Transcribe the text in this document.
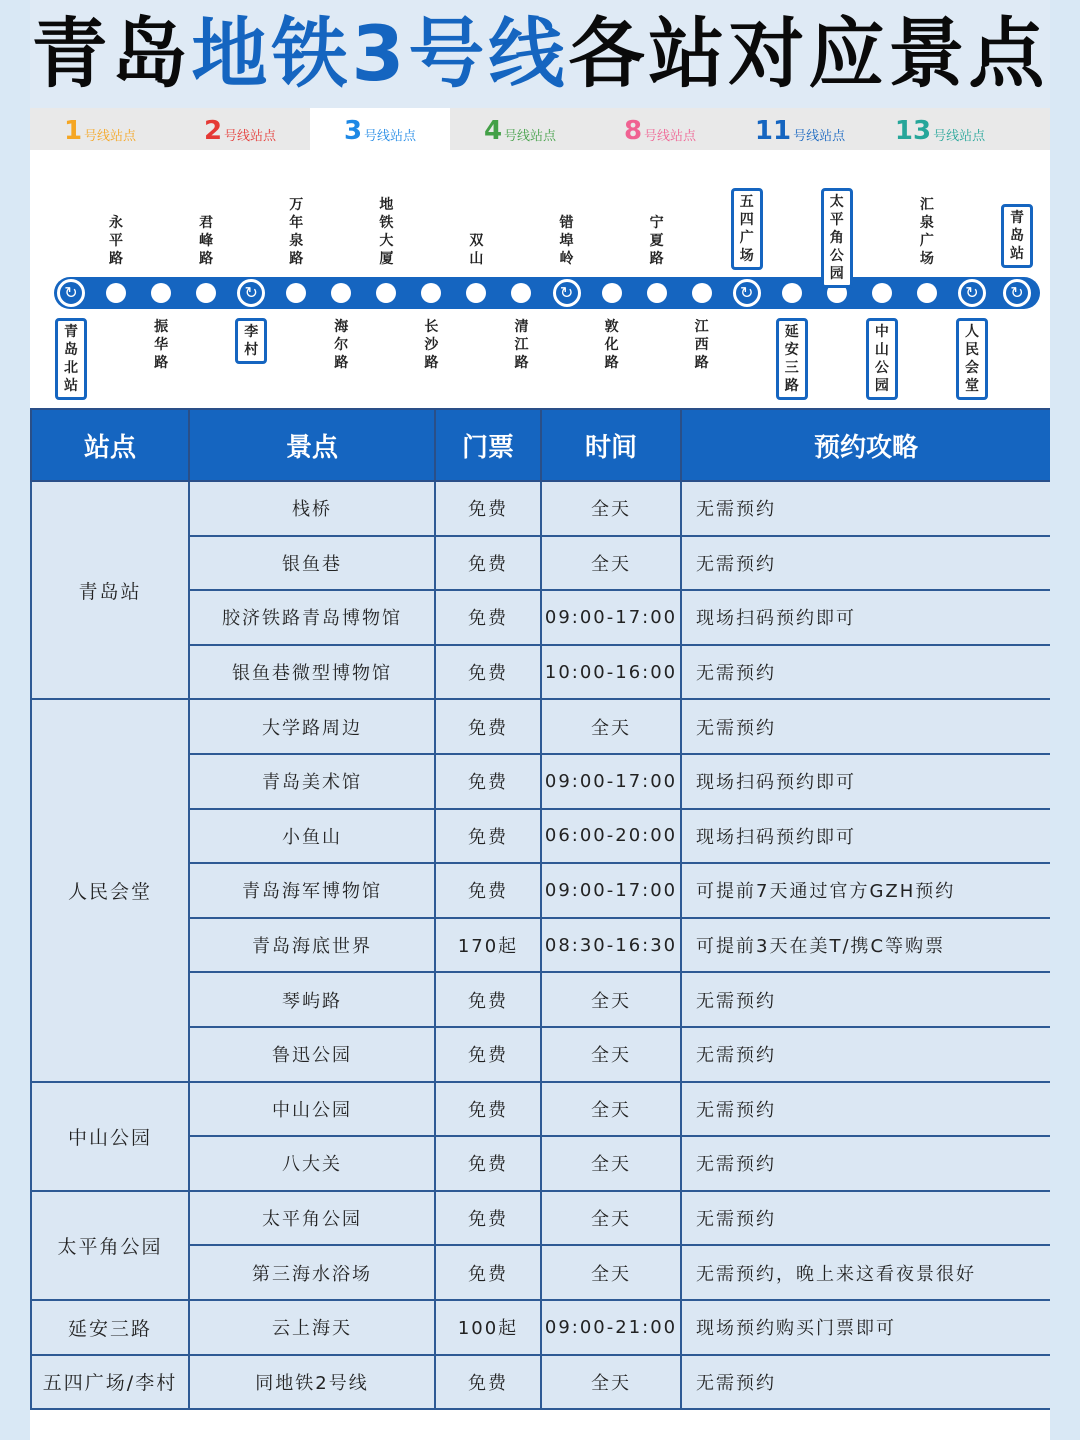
青岛地铁3号线各站对应景点
1 号线站点	2 号线站点	3 号线站点	4 号线站点	8 号线站点 11 号线站点 13 号线站点
↻
青岛北站
永平路
振华路
君峰路
↻
李村
万年泉路
海尔路
地铁大厦
长沙路
双山
清江路
↻
错埠岭
敦化路
宁夏路
江西路
↻
五四广场
延安三路
太平角公园
中山公园
汇泉广场
↻
人民会堂
↻
青岛站
站点	景点	门票	时间	预约攻略
青岛站	栈桥	免费	全天	无需预约
	银鱼巷	免费	全天	无需预约
	胶济铁路青岛博物馆	免费	09:00-17:00	现场扫码预约即可
	银鱼巷微型博物馆	免费	10:00-16:00	无需预约
人民会堂	大学路周边	免费	全天	无需预约
	青岛美术馆	免费	09:00-17:00	现场扫码预约即可
	小鱼山	免费	06:00-20:00	现场扫码预约即可
	青岛海军博物馆	免费	09:00-17:00	可提前7天通过官方GZH预约
	青岛海底世界	170起	08:30-16:30	可提前3天在美T/携C等购票
	琴屿路	免费	全天	无需预约
	鲁迅公园	免费	全天	无需预约
中山公园	中山公园	免费	全天	无需预约
	八大关	免费	全天	无需预约
太平角公园	太平角公园	免费	全天	无需预约
	第三海水浴场	免费	全天	无需预约，晚上来这看夜景很好
延安三路	云上海天	100起	09:00-21:00	现场预约购买门票即可
五四广场/李村	同地铁2号线	免费	全天	无需预约
